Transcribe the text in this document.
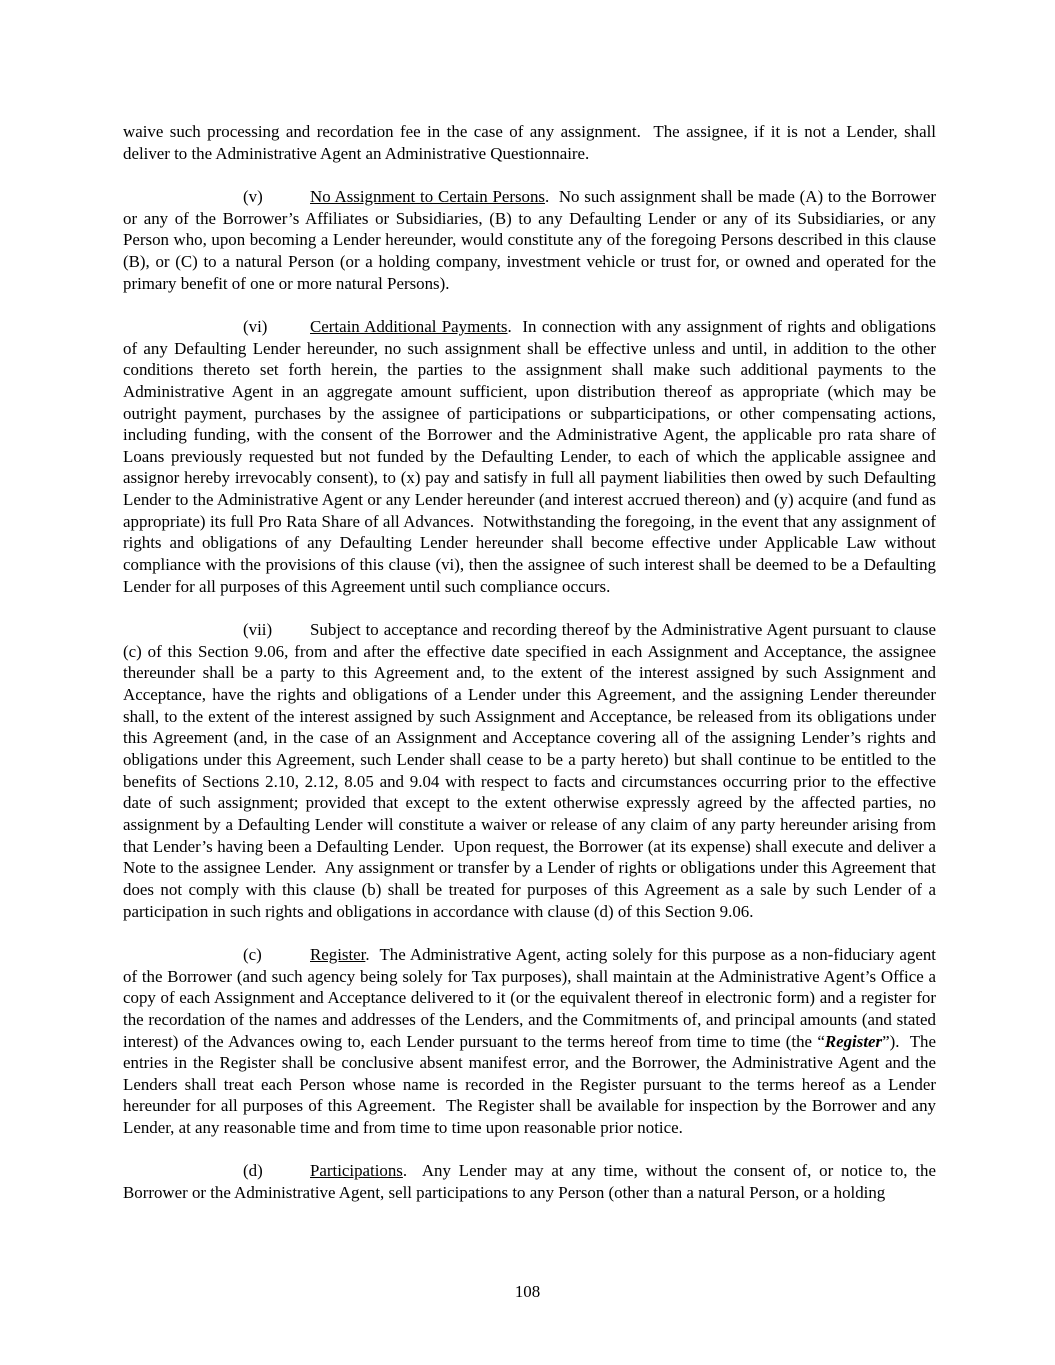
waive such processing and recordation fee in the case of any assignment.  The assignee, if it is not a Lender, shall deliver to the Administrative Agent an Administrative Questionnaire.

(v)	No Assignment to Certain Persons.  No such assignment shall be made (A) to the Borrower or any of the Borrower’s Affiliates or Subsidiaries, (B) to any Defaulting Lender or any of its Subsidiaries, or any Person who, upon becoming a Lender hereunder, would constitute any of the foregoing Persons described in this clause (B), or (C) to a natural Person (or a holding company, investment vehicle or trust for, or owned and operated for the primary benefit of one or more natural Persons).

(vi)	Certain Additional Payments.  In connection with any assignment of rights and obligations of any Defaulting Lender hereunder, no such assignment shall be effective unless and until, in addition to the other conditions thereto set forth herein, the parties to the assignment shall make such additional payments to the Administrative Agent in an aggregate amount sufficient, upon distribution thereof as appropriate (which may be outright payment, purchases by the assignee of participations or subparticipations, or other compensating actions, including funding, with the consent of the Borrower and the Administrative Agent, the applicable pro rata share of Loans previously requested but not funded by the Defaulting Lender, to each of which the applicable assignee and assignor hereby irrevocably consent), to (x) pay and satisfy in full all payment liabilities then owed by such Defaulting Lender to the Administrative Agent or any Lender hereunder (and interest accrued thereon) and (y) acquire (and fund as appropriate) its full Pro Rata Share of all Advances.  Notwithstanding the foregoing, in the event that any assignment of rights and obligations of any Defaulting Lender hereunder shall become effective under Applicable Law without compliance with the provisions of this clause (vi), then the assignee of such interest shall be deemed to be a Defaulting Lender for all purposes of this Agreement until such compliance occurs.

(vii) Subject to acceptance and recording thereof by the Administrative Agent pursuant to clause (c) of this Section 9.06, from and after the effective date specified in each Assignment and Acceptance, the assignee thereunder shall be a party to this Agreement and, to the extent of the interest assigned by such Assignment and Acceptance, have the rights and obligations of a Lender under this Agreement, and the assigning Lender thereunder shall, to the extent of the interest assigned by such Assignment and Acceptance, be released from its obligations under this Agreement (and, in the case of an Assignment and Acceptance covering all of the assigning Lender’s rights and obligations under this Agreement, such Lender shall cease to be a party hereto) but shall continue to be entitled to the benefits of Sections 2.10, 2.12, 8.05 and 9.04 with respect to facts and circumstances occurring prior to the effective date of such assignment; provided that except to the extent otherwise expressly agreed by the affected parties, no assignment by a Defaulting Lender will constitute a waiver or release of any claim of any party hereunder arising from that Lender’s having been a Defaulting Lender.  Upon request, the Borrower (at its expense) shall execute and deliver a Note to the assignee Lender.  Any assignment or transfer by a Lender of rights or obligations under this Agreement that does not comply with this clause (b) shall be treated for purposes of this Agreement as a sale by such Lender of a participation in such rights and obligations in accordance with clause (d) of this Section 9.06.

(c)	Register.  The Administrative Agent, acting solely for this purpose as a non-fiduciary agent of the Borrower (and such agency being solely for Tax purposes), shall maintain at the Administrative Agent’s Office a copy of each Assignment and Acceptance delivered to it (or the equivalent thereof in electronic form) and a register for the recordation of the names and addresses of the Lenders, and the Commitments of, and principal amounts (and stated interest) of the Advances owing to, each Lender pursuant to the terms hereof from time to time (the “Register”).  The entries in the Register shall be conclusive absent manifest error, and the Borrower, the Administrative Agent and the Lenders shall treat each Person whose name is recorded in the Register pursuant to the terms hereof as a Lender hereunder for all purposes of this Agreement.  The Register shall be available for inspection by the Borrower and any Lender, at any reasonable time and from time to time upon reasonable prior notice.

(d)	Participations.  Any Lender may at any time, without the consent of, or notice to, the Borrower or the Administrative Agent, sell participations to any Person (other than a natural Person, or a holding

108
